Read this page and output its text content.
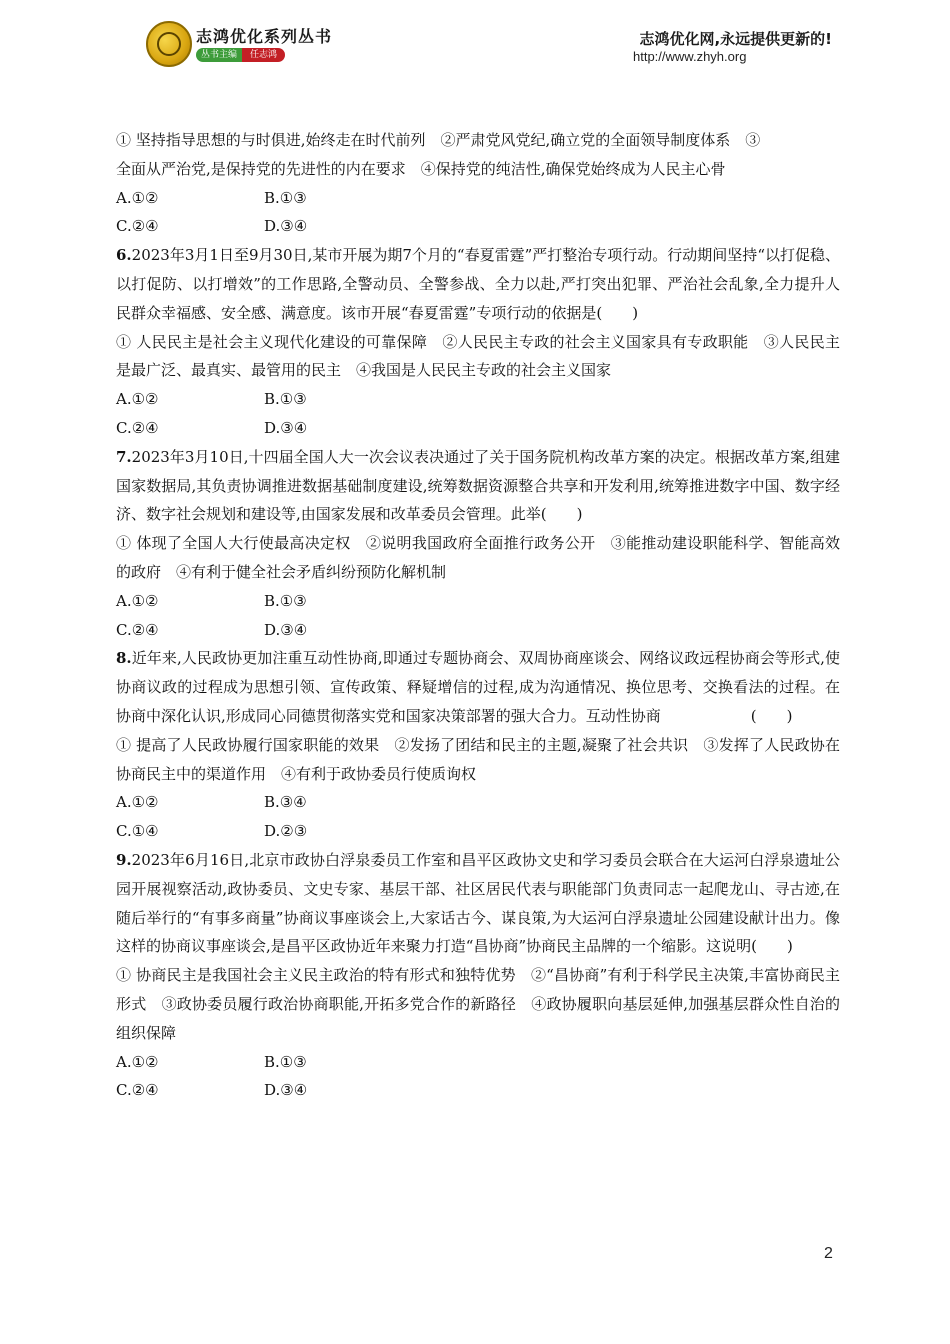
志鸿优化系列丛书
丛书主编	任志鸿
志鸿优化网,永远提供更新的!
http://www.zhyh.org

① 坚持指导思想的与时俱进,始终走在时代前列　②严肃党风党纪,确立党的全面领导制度体系　③

全面从严治党,是保持党的先进性的内在要求　④保持党的纯洁性,确保党始终成为人民主心骨

A.①②	B.①③
C.②④	D.③④

6.2023年3月1日至9月30日,某市开展为期7个月的“春夏雷霆”严打整治专项行动。行动期间坚持“以打促稳、以打促防、以打增效”的工作思路,全警动员、全警参战、全力以赴,严打突出犯罪、严治社会乱象,全力提升人民群众幸福感、安全感、满意度。该市开展“春夏雷霆”专项行动的依据是(　　)

① 人民民主是社会主义现代化建设的可靠保障　②人民民主专政的社会主义国家具有专政职能　③人民民主是最广泛、最真实、最管用的民主　④我国是人民民主专政的社会主义国家

A.①②	B.①③
C.②④	D.③④

7.2023年3月10日,十四届全国人大一次会议表决通过了关于国务院机构改革方案的决定。根据改革方案,组建国家数据局,其负责协调推进数据基础制度建设,统筹数据资源整合共享和开发利用,统筹推进数字中国、数字经济、数字社会规划和建设等,由国家发展和改革委员会管理。此举(　　)

① 体现了全国人大行使最高决定权　②说明我国政府全面推行政务公开　③能推动建设职能科学、智能高效的政府　④有利于健全社会矛盾纠纷预防化解机制

A.①②	B.①③
C.②④	D.③④

8.近年来,人民政协更加注重互动性协商,即通过专题协商会、双周协商座谈会、网络议政远程协商会等形式,使协商议政的过程成为思想引领、宣传政策、释疑增信的过程,成为沟通情况、换位思考、交换看法的过程。在协商中深化认识,形成同心同德贯彻落实党和国家决策部署的强大合力。互动性协商　　　　　　(　　)

① 提高了人民政协履行国家职能的效果　②发扬了团结和民主的主题,凝聚了社会共识　③发挥了人民政协在协商民主中的渠道作用　④有利于政协委员行使质询权

A.①②	B.③④
C.①④	D.②③

9.2023年6月16日,北京市政协白浮泉委员工作室和昌平区政协文史和学习委员会联合在大运河白浮泉遗址公园开展视察活动,政协委员、文史专家、基层干部、社区居民代表与职能部门负责同志一起爬龙山、寻古迹,在随后举行的“有事多商量”协商议事座谈会上,大家话古今、谋良策,为大运河白浮泉遗址公园建设献计出力。像这样的协商议事座谈会,是昌平区政协近年来聚力打造“昌协商”协商民主品牌的一个缩影。这说明(　　)

① 协商民主是我国社会主义民主政治的特有形式和独特优势　②“昌协商”有利于科学民主决策,丰富协商民主形式　③政协委员履行政治协商职能,开拓多党合作的新路径　④政协履职向基层延伸,加强基层群众性自治的组织保障

A.①②	B.①③
C.②④	D.③④
2
